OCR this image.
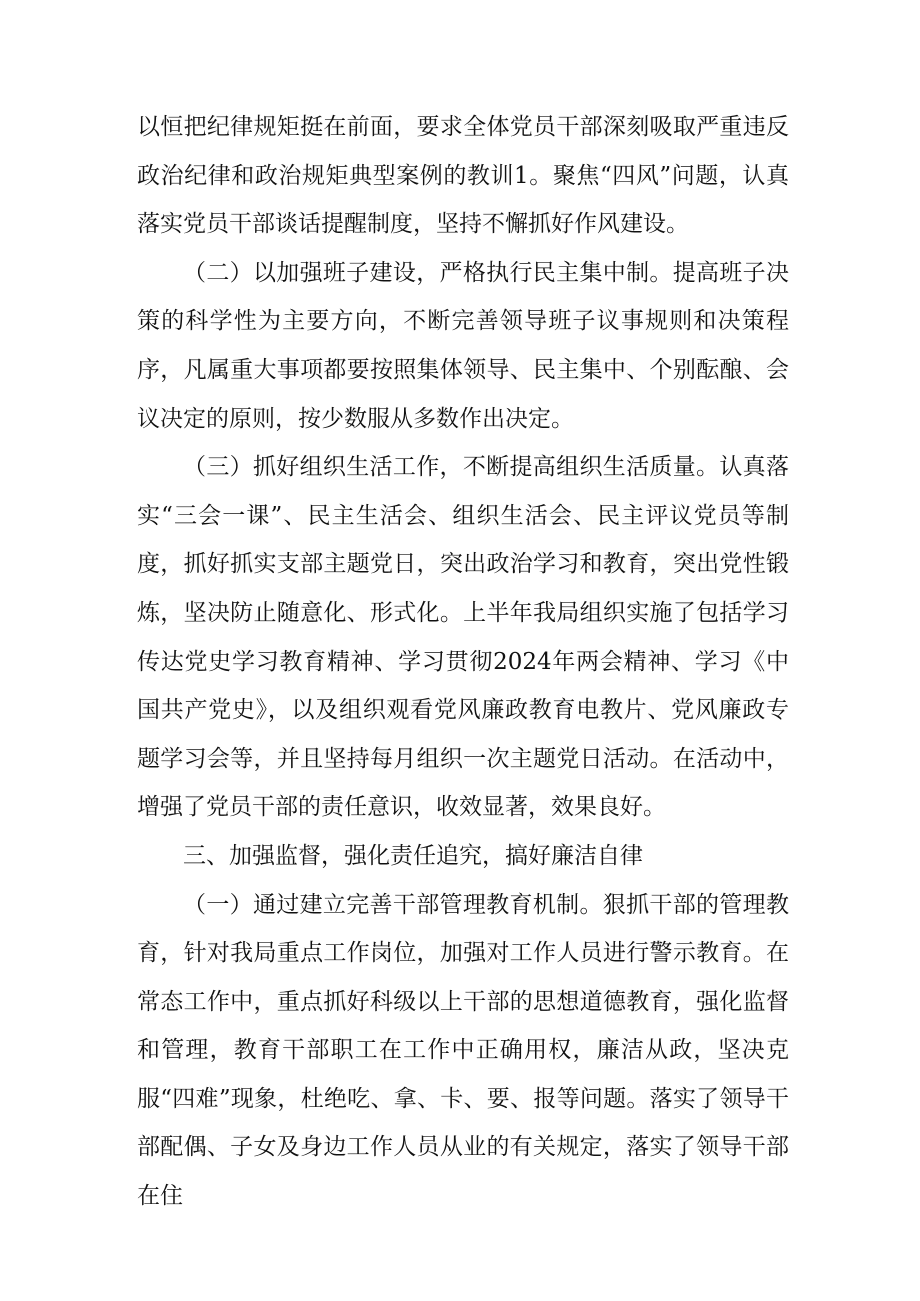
以恒把纪律规矩挺在前面，要求全体党员干部深刻吸取严重违反政治纪律和政治规矩典型案例的教训1。聚焦“四风”问题，认真落实党员干部谈话提醒制度，坚持不懈抓好作风建设。

（二）以加强班子建设，严格执行民主集中制。提高班子决策的科学性为主要方向，不断完善领导班子议事规则和决策程序，凡属重大事项都要按照集体领导、民主集中、个别酝酿、会议决定的原则，按少数服从多数作出决定。

（三）抓好组织生活工作，不断提高组织生活质量。认真落实“三会一课”、民主生活会、组织生活会、民主评议党员等制度，抓好抓实支部主题党日，突出政治学习和教育，突出党性锻炼，坚决防止随意化、形式化。上半年我局组织实施了包括学习传达党史学习教育精神、学习贯彻2024年两会精神、学习《中国共产党史》，以及组织观看党风廉政教育电教片、党风廉政专题学习会等，并且坚持每月组织一次主题党日活动。在活动中，增强了党员干部的责任意识，收效显著，效果良好。

三、加强监督，强化责任追究，搞好廉洁自律

（一）通过建立完善干部管理教育机制。狠抓干部的管理教育，针对我局重点工作岗位，加强对工作人员进行警示教育。在常态工作中，重点抓好科级以上干部的思想道德教育，强化监督和管理，教育干部职工在工作中正确用权，廉洁从政，坚决克服“四难”现象，杜绝吃、拿、卡、要、报等问题。落实了领导干部配偶、子女及身边工作人员从业的有关规定，落实了领导干部在住
